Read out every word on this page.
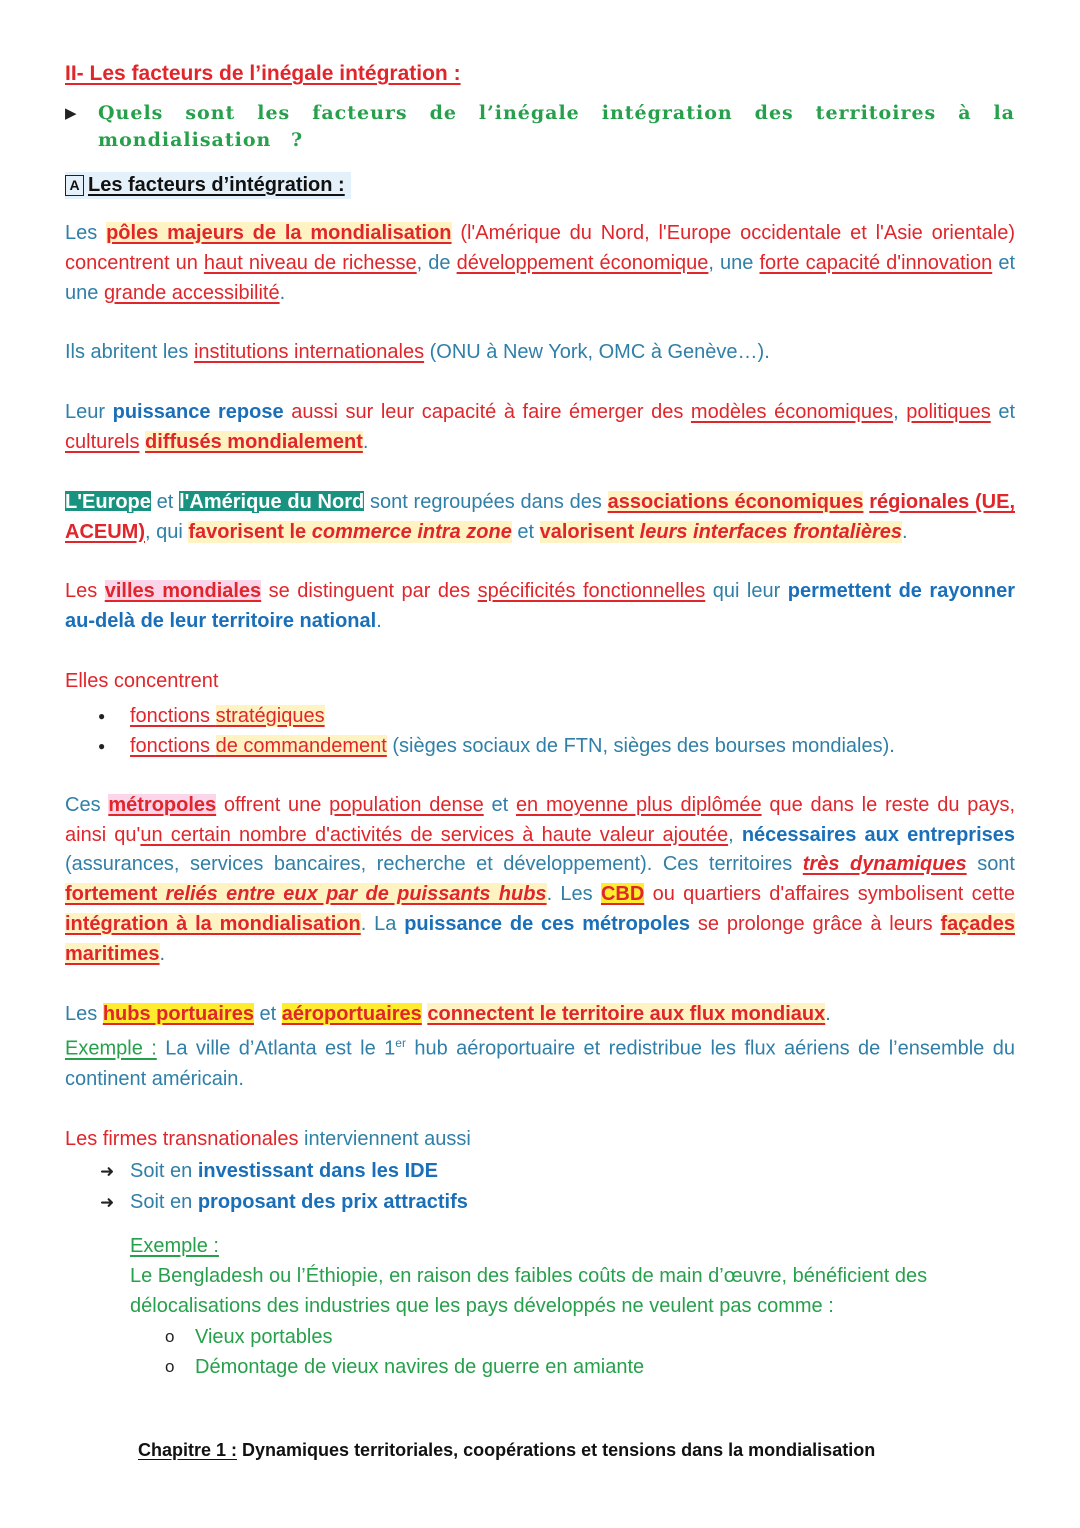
II- Les facteurs de l’inégale intégration :
▶	Quels sont les facteurs de l’inégale intégration des territoires à la mondialisation ?
A Les facteurs d’intégration :

Les pôles majeurs de la mondialisation (l'Amérique du Nord, l'Europe occidentale et l'Asie orientale) concentrent un haut niveau de richesse, de développement économique, une forte capacité d'innovation et une grande accessibilité.

Ils abritent les institutions internationales (ONU à New York, OMC à Genève…).

Leur puissance repose aussi sur leur capacité à faire émerger des modèles économiques, politiques et culturels diffusés mondialement.

L'Europe et l'Amérique du Nord sont regroupées dans des associations économiques régionales (UE, ACEUM), qui favorisent le commerce intra zone et valorisent leurs interfaces frontalières.

Les villes mondiales se distinguent par des spécificités fonctionnelles qui leur permettent de rayonner au-delà de leur territoire national.

Elles concentrent

● fonctions stratégiques
● fonctions de commandement (sièges sociaux de FTN, sièges des bourses mondiales).

Ces métropoles offrent une population dense et en moyenne plus diplômée que dans le reste du pays, ainsi qu'un certain nombre d'activités de services à haute valeur ajoutée, nécessaires aux entreprises (assurances, services bancaires, recherche et développement). Ces territoires très dynamiques sont fortement reliés entre eux par de puissants hubs. Les CBD ou quartiers d'affaires symbolisent cette intégration à la mondialisation. La puissance de ces métropoles se prolonge grâce à leurs façades maritimes.

Les hubs portuaires et aéroportuaires connectent le territoire aux flux mondiaux.
Exemple : La ville d’Atlanta est le 1er hub aéroportuaire et redistribue les flux aériens de l’ensemble du continent américain.

Les firmes transnationales interviennent aussi

➜ Soit en investissant dans les IDE
➜ Soit en proposant des prix attractifs

Exemple :

Le Bengladesh ou l’Éthiopie, en raison des faibles coûts de main d’œuvre, bénéficient des délocalisations des industries que les pays développés ne veulent pas comme :

o Vieux portables
o Démontage de vieux navires de guerre en amiante
Chapitre 1 : Dynamiques territoriales, coopérations et tensions dans la mondialisation
